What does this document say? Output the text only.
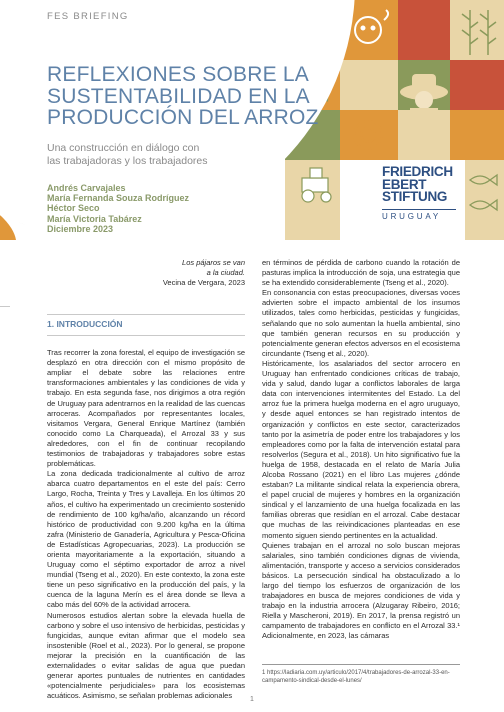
FES BRIEFING
REFLEXIONES SOBRE LA
SUSTENTABILIDAD EN LA
PRODUCCIÓN DEL ARROZ
Una construcción en diálogo con
las trabajadoras y los trabajadores
Andrés Carvajales
María Fernanda Souza Rodríguez
Héctor Seco
María Victoria Tabárez
Diciembre 2023
FRIEDRICH
EBERT
STIFTUNG
URUGUAY
Los pájaros se van
a la ciudad.
Vecina de Vergara, 2023
1. INTRODUCCIÓN

Tras recorrer la zona forestal, el equipo de investigación se desplazó en otra dirección con el mismo propósito de ampliar el debate sobre las relaciones entre transformaciones ambientales y las condiciones de vida y trabajo. En esta segunda fase, nos dirigimos a otra región de Uruguay para adentrarnos en la realidad de las cuencas arroceras. Acompañados por representantes locales, visitamos Vergara, General Enrique Martínez (también conocido como La Charqueada), el Arrozal 33 y sus alrededores, con el fin de continuar recopilando testimonios de trabajadoras y trabajadores sobre estas problemáticas.

La zona dedicada tradicionalmente al cultivo de arroz abarca cuatro departamentos en el este del país: Cerro Largo, Rocha, Treinta y Tres y Lavalleja. En los últimos 20 años, el cultivo ha experimentado un crecimiento sostenido de rendimiento de 100 kg/ha/año, alcanzando un récord histórico de productividad con 9.200 kg/ha en la última zafra (Ministerio de Ganadería, Agricultura y Pesca-Oficina de Estadísticas Agropecuarias, 2023). La producción se orienta mayoritariamente a la exportación, situando a Uruguay como el séptimo exportador de arroz a nivel mundial (Tseng et al., 2020). En este contexto, la zona este tiene un peso significativo en la producción del país, y la cuenca de la laguna Merín es el área donde se lleva a cabo más del 60% de la actividad arrocera.

Numerosos estudios alertan sobre la elevada huella de carbono y sobre el uso intensivo de herbicidas, pesticidas y fungicidas, aunque evitan afirmar que el modelo sea insostenible (Roel et al., 2023). Por lo general, se propone mejorar la precisión en la cuantificación de las externalidades o evitar salidas de agua que puedan generar aportes puntuales de nutrientes en cantidades «potencialmente perjudiciales» para los ecosistemas acuáticos. Asimismo, se señalan problemas adicionales

en términos de pérdida de carbono cuando la rotación de pasturas implica la introducción de soja, una estrategia que se ha extendido considerablemente (Tseng et al., 2020).

En consonancia con estas preocupaciones, diversas voces advierten sobre el impacto ambiental de los insumos utilizados, tales como herbicidas, pesticidas y fungicidas, señalando que no solo aumentan la huella ambiental, sino que también generan recursos en su producción y potencialmente generan efectos adversos en el ecosistema circundante (Tseng et al., 2020).

Históricamente, los asalariados del sector arrocero en Uruguay han enfrentado condiciones críticas de trabajo, vida y salud, dando lugar a conflictos laborales de larga data con intervenciones intermitentes del Estado. La del arroz fue la primera huelga moderna en el agro uruguayo, y desde aquel entonces se han registrado intentos de organización y conflictos en este sector, caracterizados tanto por la asimetría de poder entre los trabajadores y los empleadores como por la falta de intervención estatal para resolverlos (Segura et al., 2018). Un hito significativo fue la huelga de 1958, destacada en el relato de María Julia Alcoba Rossano (2021) en el libro Las mujeres ¿dónde estaban? La militante sindical relata la experiencia obrera, el papel crucial de mujeres y hombres en la organización sindical y el lanzamiento de una huelga focalizada en las familias obreras que residían en el arrozal. Cabe destacar que muchas de las reivindicaciones planteadas en ese momento siguen siendo pertinentes en la actualidad.

Quienes trabajan en el arrozal no solo buscan mejoras salariales, sino también condiciones dignas de vivienda, alimentación, transporte y acceso a servicios considerados básicos. La persecución sindical ha obstaculizado a lo largo del tiempo los esfuerzos de organización de los trabajadores en busca de mejores condiciones de vida y trabajo en la industria arrocera (Alzugaray Ribeiro, 2016; Riella y Mascheroni, 2019). En 2017, la prensa registró un campamento de trabajadores en conflicto en el Arrozal 33.¹ Adicionalmente, en 2023, las cámaras

1 https://ladiaria.com.uy/articulo/2017/4/trabajadores-de-arrozal-33-en-campamento-sindical-desde-el-lunes/
1
